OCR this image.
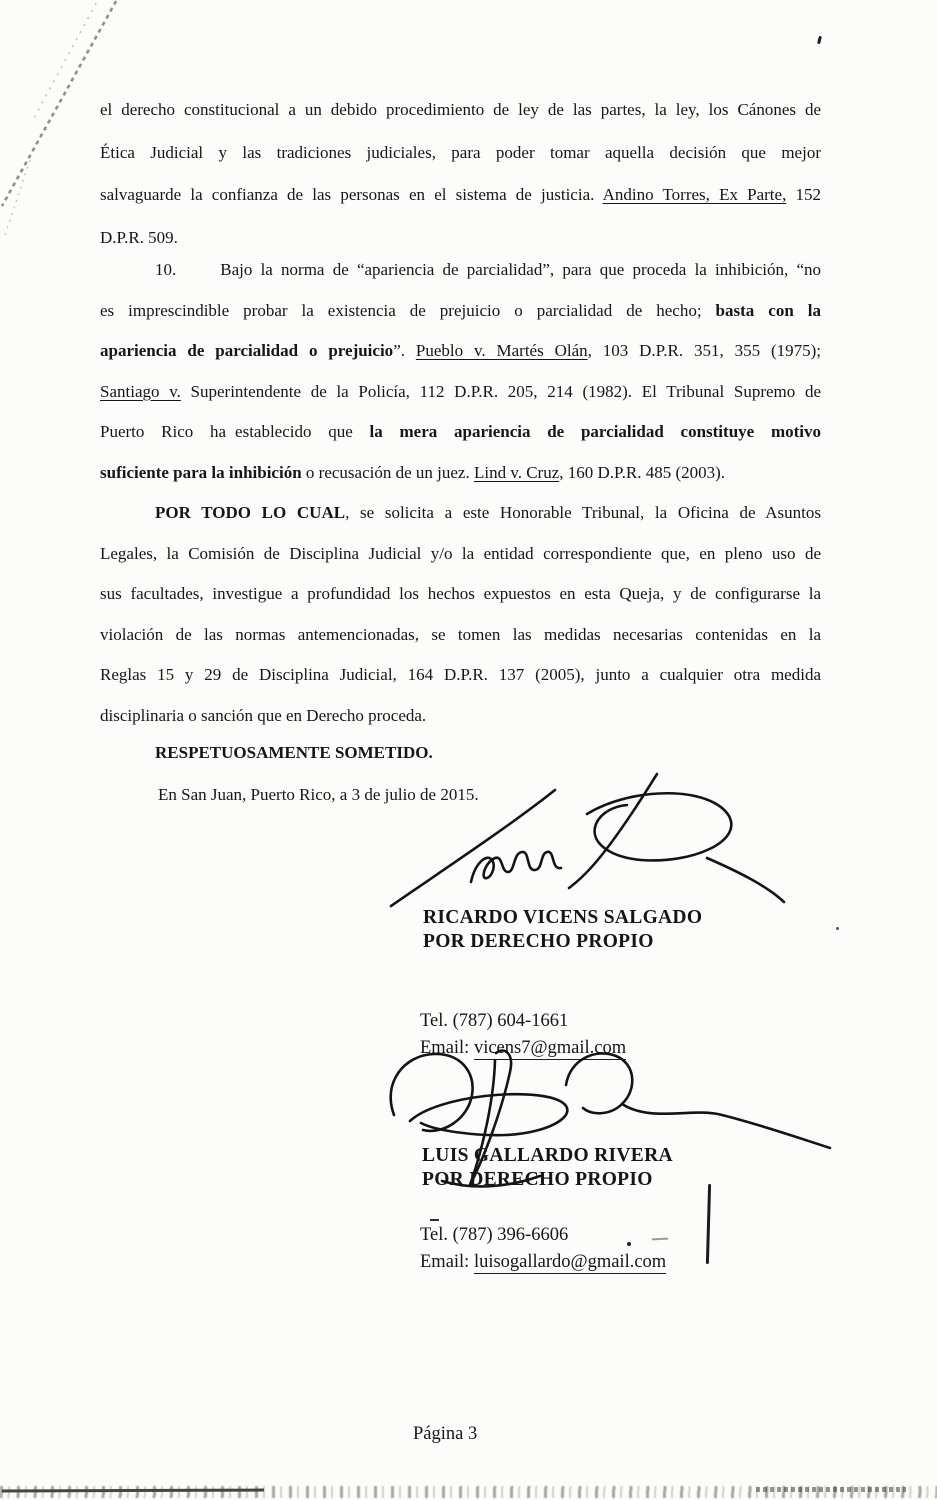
el derecho constitucional a un debido procedimiento de ley de las partes, la ley, los Cánones de
Ética Judicial y las tradiciones judiciales, para poder tomar aquella decisión que mejor
salvaguarde la confianza de las personas en el sistema de justicia. Andino Torres, Ex Parte, 152
D.P.R. 509.
10.	Bajo la norma de “apariencia de parcialidad”, para que proceda la inhibición, “no
es imprescindible probar la existencia de prejuicio o parcialidad de hecho; basta con la
apariencia de parcialidad o prejuicio”. Pueblo v. Martés Olán, 103 D.P.R. 351, 355 (1975);
Santiago v. Superintendente de la Policía, 112 D.P.R. 205, 214 (1982). El Tribunal Supremo de
Puerto Rico ha establecido que la mera apariencia de parcialidad constituye motivo
suficiente para la inhibición o recusación de un juez. Lind v. Cruz, 160 D.P.R. 485 (2003).
POR TODO LO CUAL, se solicita a este Honorable Tribunal, la Oficina de Asuntos
Legales, la Comisión de Disciplina Judicial y/o la entidad correspondiente que, en pleno uso de
sus facultades, investigue a profundidad los hechos expuestos en esta Queja, y de configurarse la
violación de las normas antemencionadas, se tomen las medidas necesarias contenidas en la
Reglas 15 y 29 de Disciplina Judicial, 164 D.P.R. 137 (2005), junto a cualquier otra medida
disciplinaria o sanción que en Derecho proceda.
RESPETUOSAMENTE SOMETIDO.
En San Juan, Puerto Rico, a 3 de julio de 2015.
RICARDO VICENS SALGADO
POR DERECHO PROPIO
Tel. (787) 604-1661
Email: vicens7@gmail.com
LUIS GALLARDO RIVERA
POR DERECHO PROPIO
Tel. (787) 396-6606
Email: luisogallardo@gmail.com
Página 3
